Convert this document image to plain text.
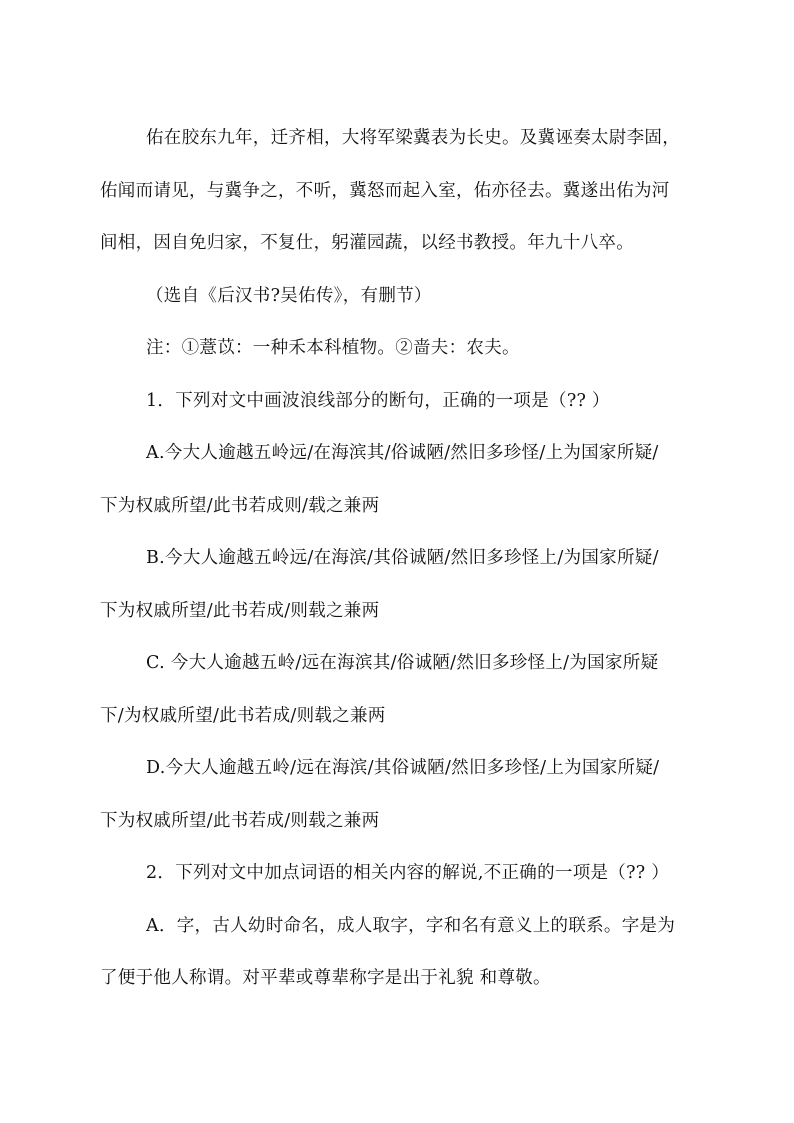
佑在胶东九年，迁齐相，大将军梁冀表为长史。及冀诬奏太尉李固，
佑闻而请见，与冀争之，不听，冀怒而起入室，佑亦径去。冀遂出佑为河
间相，因自免归家，不复仕，躬灌园蔬，以经书教授。年九十八卒。
（选自《后汉书?吴佑传》，有删节）
注：①薏苡：一种禾本科植物。②啬夫：农夫。
1．下列对文中画波浪线部分的断句，正确的一项是（?? ）
A.今大人逾越五岭远/在海滨其/俗诚陋/然旧多珍怪/上为国家所疑/
下为权戚所望/此书若成则/载之兼两
B.今大人逾越五岭远/在海滨/其俗诚陋/然旧多珍怪上/为国家所疑/
下为权戚所望/此书若成/则载之兼两
C. 今大人逾越五岭/远在海滨其/俗诚陋/然旧多珍怪上/为国家所疑
下/为权戚所望/此书若成/则载之兼两
D.今大人逾越五岭/远在海滨/其俗诚陋/然旧多珍怪/上为国家所疑/
下为权戚所望/此书若成/则载之兼两
2．下列对文中加点词语的相关内容的解说,不正确的一项是（?? ）
A．字，古人幼时命名，成人取字，字和名有意义上的联系。字是为
了便于他人称谓。对平辈或尊辈称字是出于礼貌 和尊敬。
